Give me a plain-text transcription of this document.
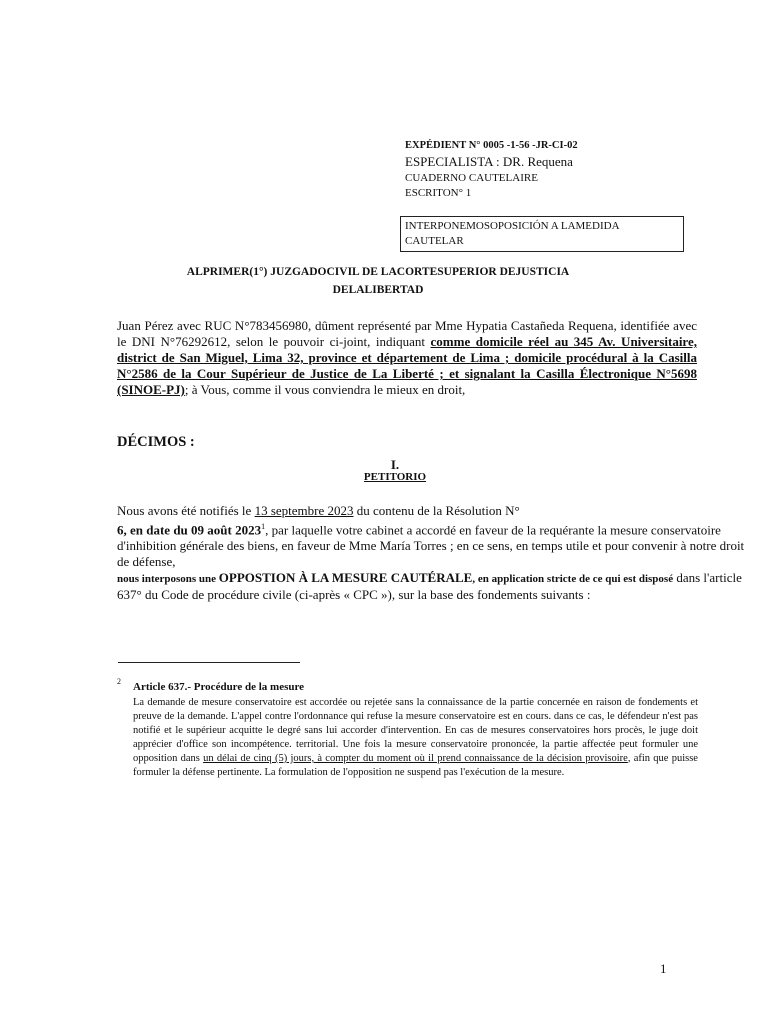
EXPÉDIENT N° 0005 -1-56 -JR-CI-02
ESPECIALISTA : DR. Requena
CUADERNO CAUTELAIRE
ESCRITON° 1
INTERPONEMOSOPOSICIÓN A LAMEDIDA
CAUTELAR
ALPRIMER(1°) JUZGADOCIVIL DE LACORTESUPERIOR DEJUSTICIA
DELALIBERTAD
Juan Pérez avec RUC N°783456980, dûment représenté par Mme Hypatia Castañeda Requena, identifiée avec le DNI N°76292612, selon le pouvoir ci-joint, indiquant comme domicile réel au 345 Av. Universitaire, district de San Miguel, Lima 32, province et département de Lima ; domicile procédural à la Casilla N°2586 de la Cour Supérieur de Justice de La Liberté ; et signalant la Casilla Électronique N°5698 (SINOE-PJ); à Vous, comme il vous conviendra le mieux en droit,
DÉCIMOS :
I.
PETITORIO
Nous avons été notifiés le 13 septembre 2023 du contenu de la Résolution N°
6, en date du 09 août 2023$^1$, par laquelle votre cabinet a accordé en faveur de la requérante la mesure conservatoire d'inhibition générale des biens, en faveur de Mme María Torres ; en ce sens, en temps utile et pour convenir à notre droit de défense,
nous interposons une OPPOSTION À LA MESURE CAUTÉRALE, en application stricte de ce qui est disposé dans l'article 637° du Code de procédure civile (ci-après « CPC »), sur la base des fondements suivants :
2 Article 637.- Procédure de la mesure
La demande de mesure conservatoire est accordée ou rejetée sans la connaissance de la partie concernée en raison de fondements et preuve de la demande. L'appel contre l'ordonnance qui refuse la mesure conservatoire est en cours. dans ce cas, le défendeur n'est pas notifié et le supérieur acquitte le degré sans lui accorder d'intervention. En cas de mesures conservatoires hors procès, le juge doit apprécier d'office son incompétence. territorial. Une fois la mesure conservatoire prononcée, la partie affectée peut formuler une opposition dans un délai de cinq (5) jours, à compter du moment où il prend connaissance de la décision provisoire, afin que puisse formuler la défense pertinente. La formulation de l'opposition ne suspend pas l'exécution de la mesure.
1
